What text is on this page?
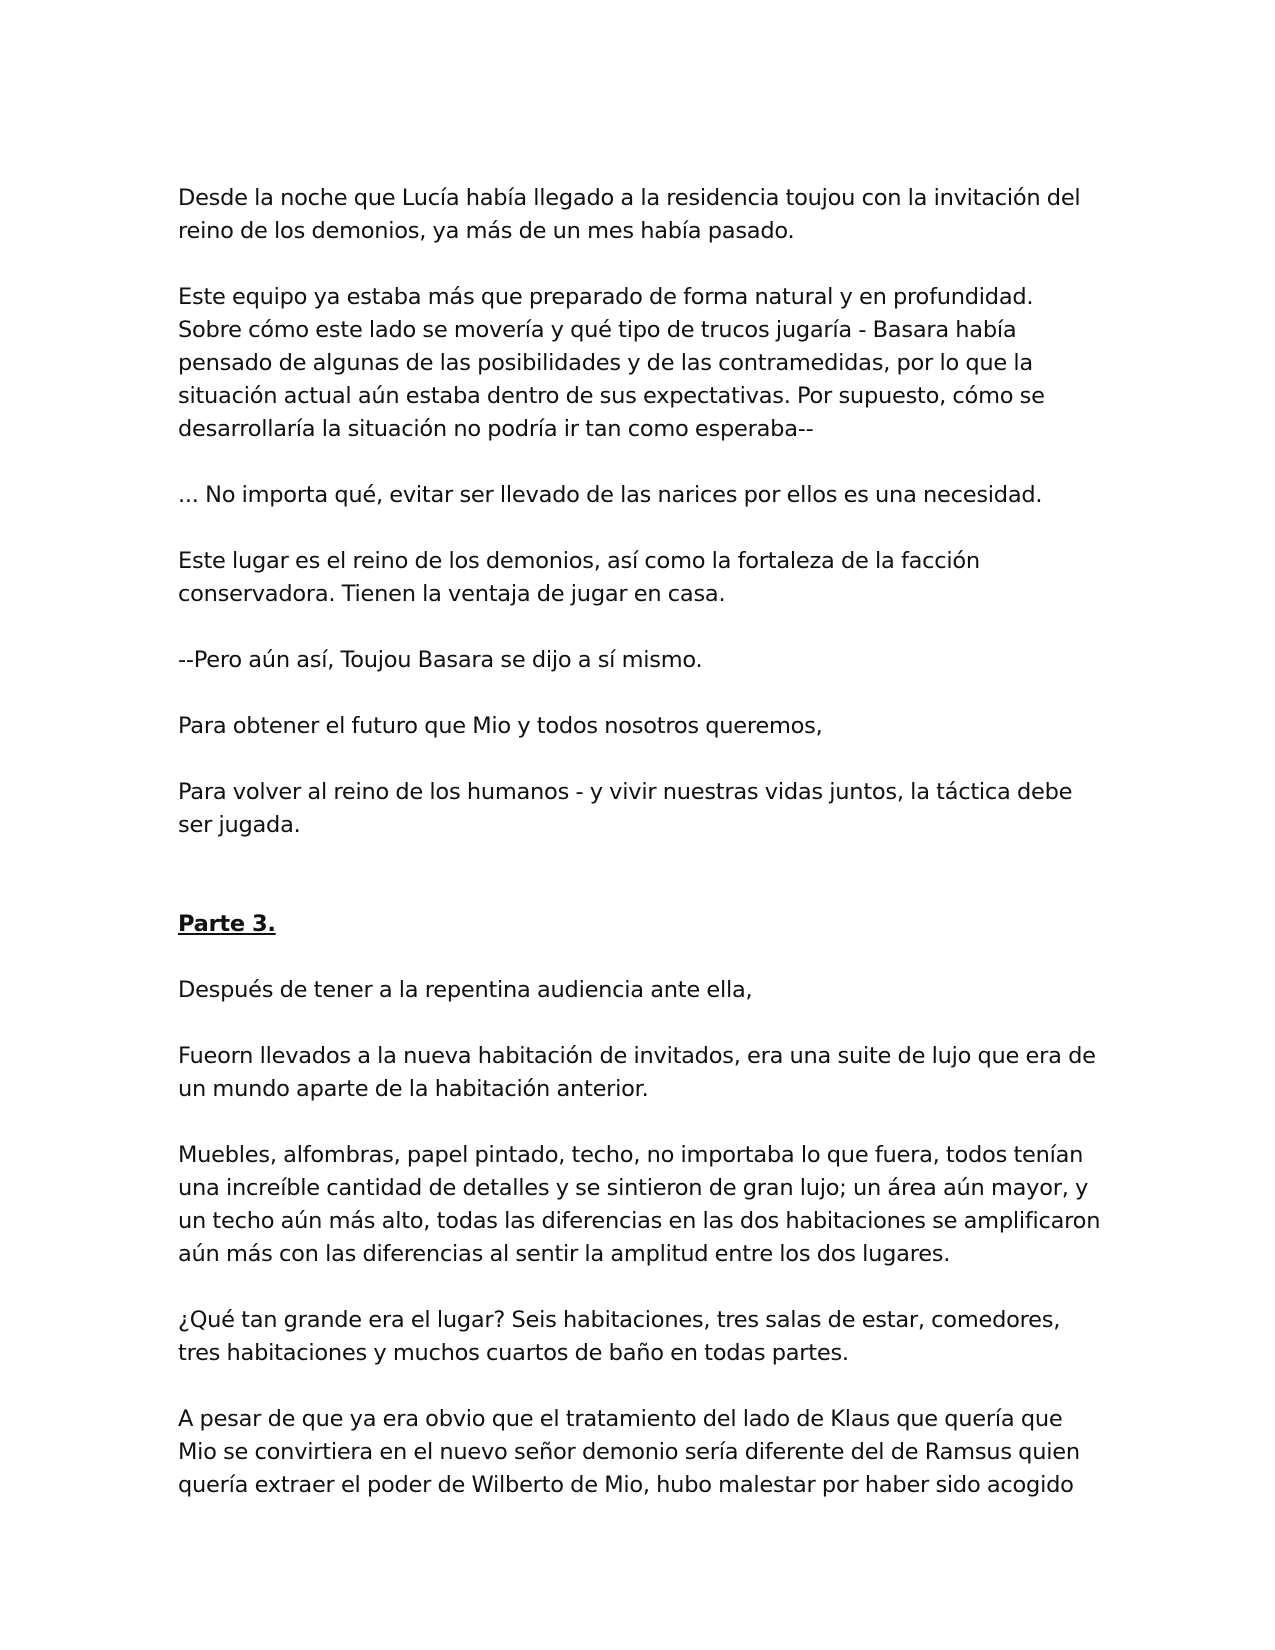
Desde la noche que Lucía había llegado a la residencia toujou con la invitación del reino de los demonios, ya más de un mes había pasado.

Este equipo ya estaba más que preparado de forma natural y en profundidad. Sobre cómo este lado se movería y qué tipo de trucos jugaría - Basara había pensado de algunas de las posibilidades y de las contramedidas, por lo que la situación actual aún estaba dentro de sus expectativas. Por supuesto, cómo se desarrollaría la situación no podría ir tan como esperaba--

... No importa qué, evitar ser llevado de las narices por ellos es una necesidad.

Este lugar es el reino de los demonios, así como la fortaleza de la facción conservadora. Tienen la ventaja de jugar en casa.

--Pero aún así, Toujou Basara se dijo a sí mismo.

Para obtener el futuro que Mio y todos nosotros queremos,

Para volver al reino de los humanos - y vivir nuestras vidas juntos, la táctica debe ser jugada.

Parte 3.

Después de tener a la repentina audiencia ante ella,

Fueorn llevados a la nueva habitación de invitados, era una suite de lujo que era de un mundo aparte de la habitación anterior.

Muebles, alfombras, papel pintado, techo, no importaba lo que fuera, todos tenían una increíble cantidad de detalles y se sintieron de gran lujo; un área aún mayor, y un techo aún más alto, todas las diferencias en las dos habitaciones se amplificaron aún más con las diferencias al sentir la amplitud entre los dos lugares.

¿Qué tan grande era el lugar? Seis habitaciones, tres salas de estar, comedores, tres habitaciones y muchos cuartos de baño en todas partes.

A pesar de que ya era obvio que el tratamiento del lado de Klaus que quería que Mio se convirtiera en el nuevo señor demonio sería diferente del de Ramsus quien quería extraer el poder de Wilberto de Mio, hubo malestar por haber sido acogido
